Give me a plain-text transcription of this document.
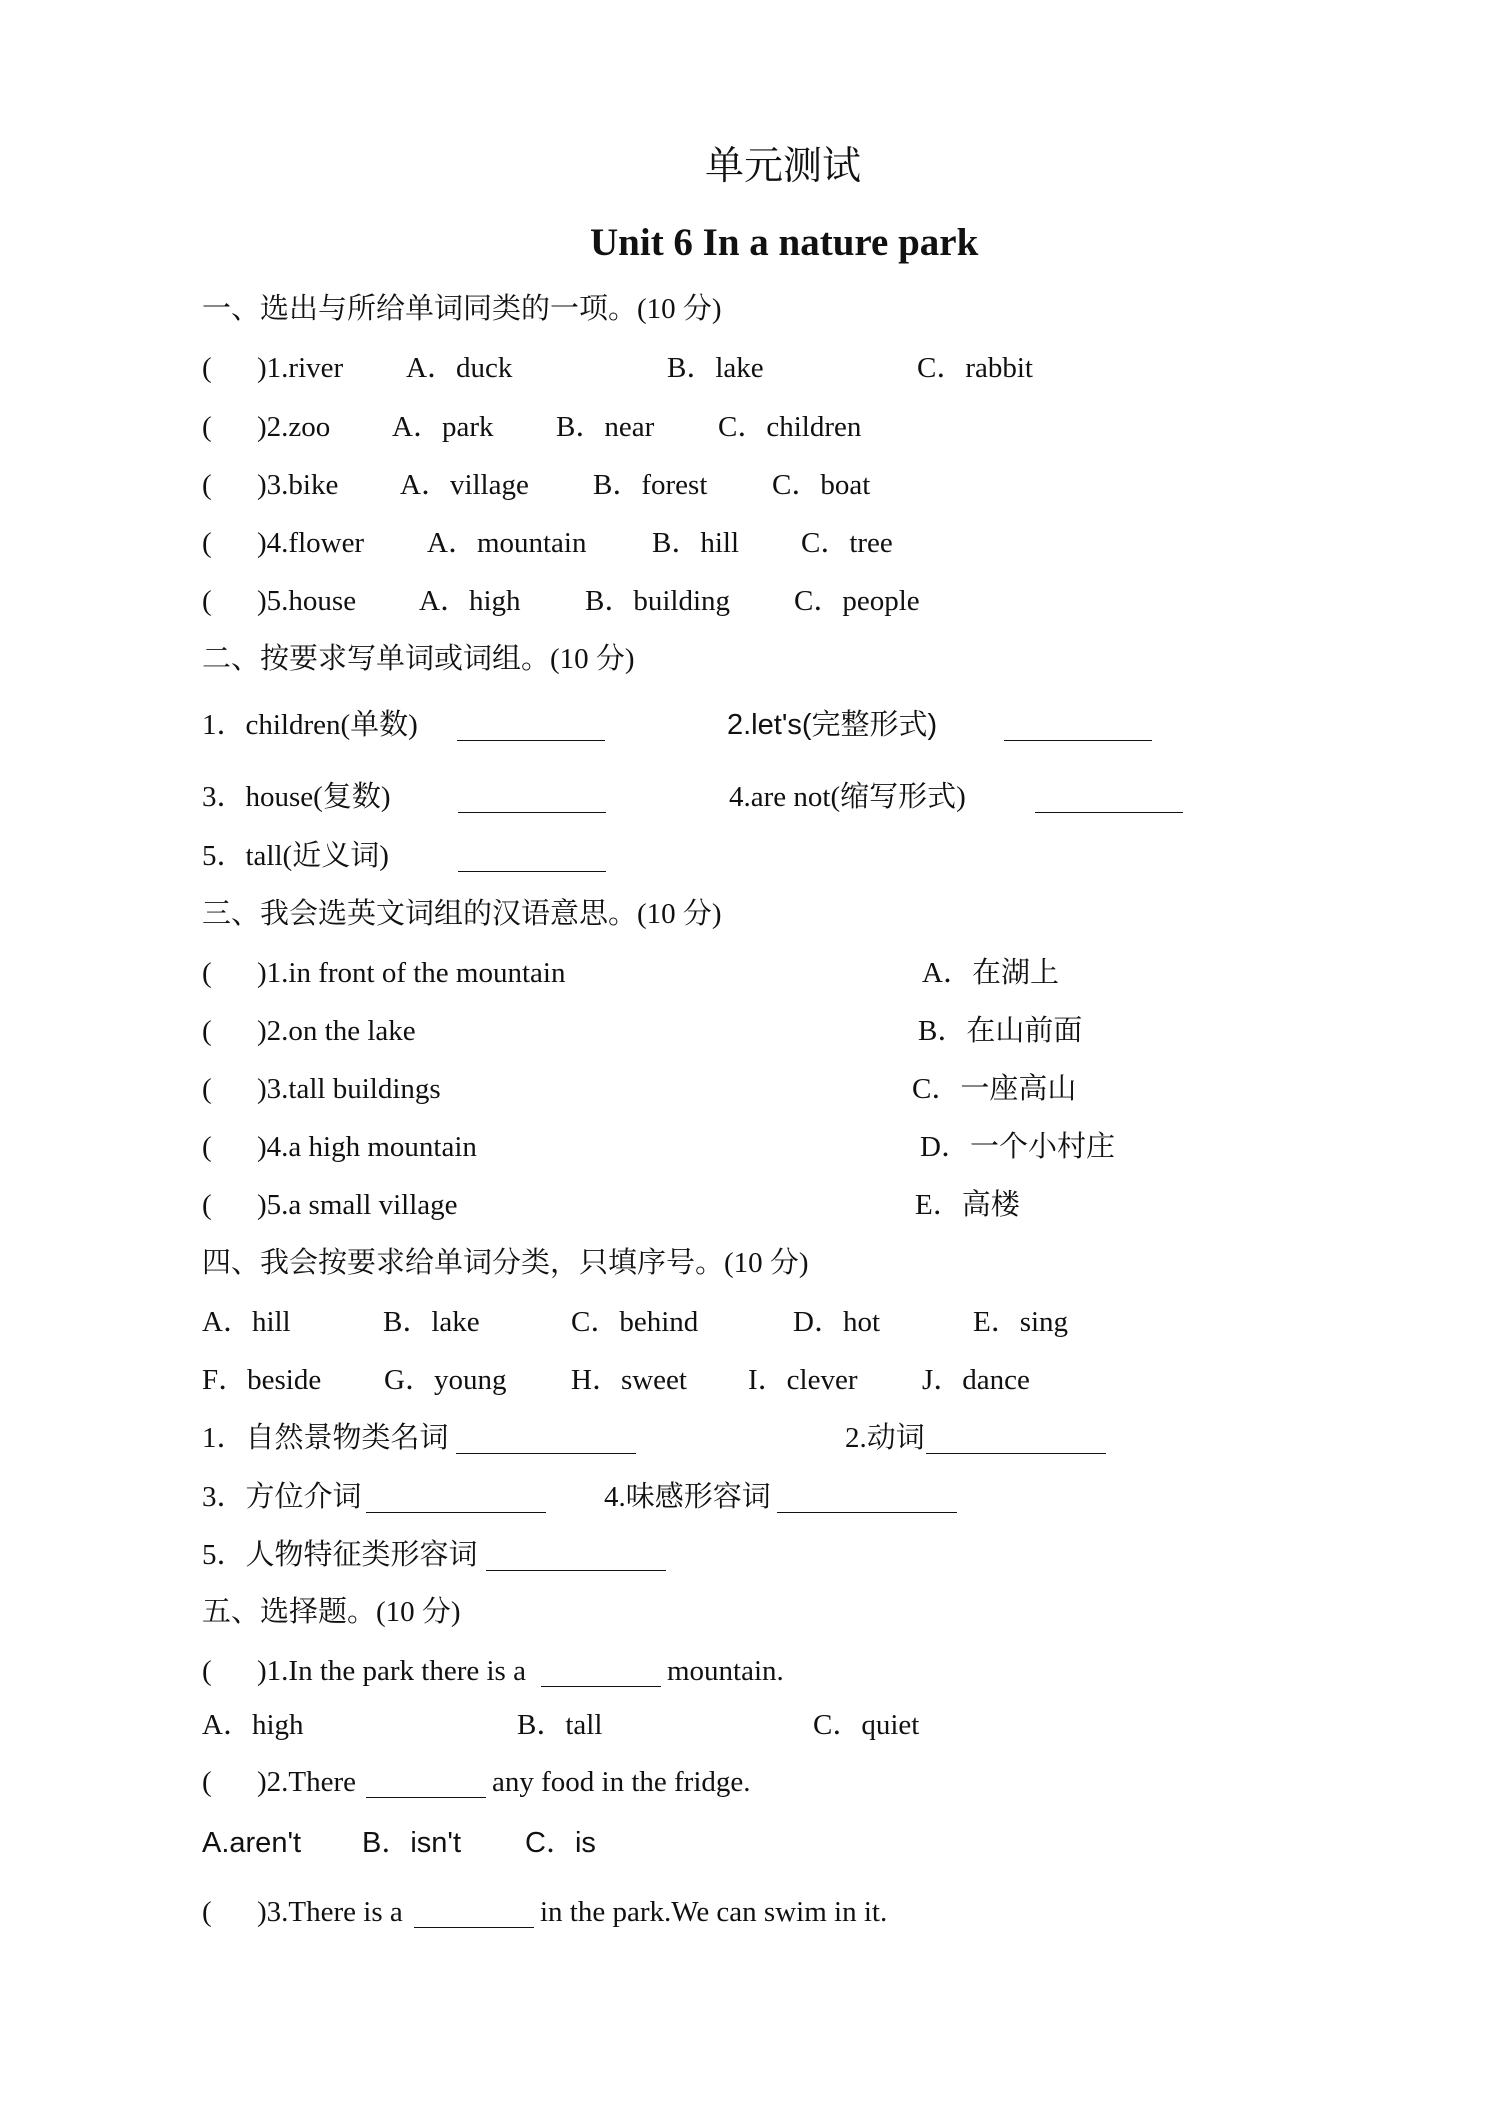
单元测试
Unit 6 In a nature park
一、选出与所给单词同类的一项。(10 分)
( )1.river A．duck	B．lake	C．rabbit
( )2.zoo A．park B．near C．children
( )3.bike A．village B．forest C．boat
( )4.flower A．mountain B．hill C．tree
( )5.house A．high B．building C．people
二、按要求写单词或词组。(10 分)
1．children(单数)	2.let's(完整形式)
3．house(复数)	4.are not(缩写形式)
5．tall(近义词)
三、我会选英文词组的汉语意思。(10 分)
( )1.in front of the mountain	A．在湖上
( )2.on the lake	B．在山前面
( )3.tall buildings	C．一座高山
( )4.a high mountain	D．一个小村庄
( )5.a small village	E．高楼
四、我会按要求给单词分类，只填序号。(10 分)
A．hill	B．lake	C．behind	D．hot	E．sing
F．beside G．young H．sweet I．clever J．dance
1．自然景物类名词	2.动词
3．方位介词	4.味感形容词
5．人物特征类形容词
五、选择题。(10 分)
( )1.In the park there is a	mountain.
A．high	B．tall	C．quiet
( )2.There	any food in the fridge.
A.aren't B．isn't C．is
( )3.There is a	in the park.We can swim in it.
